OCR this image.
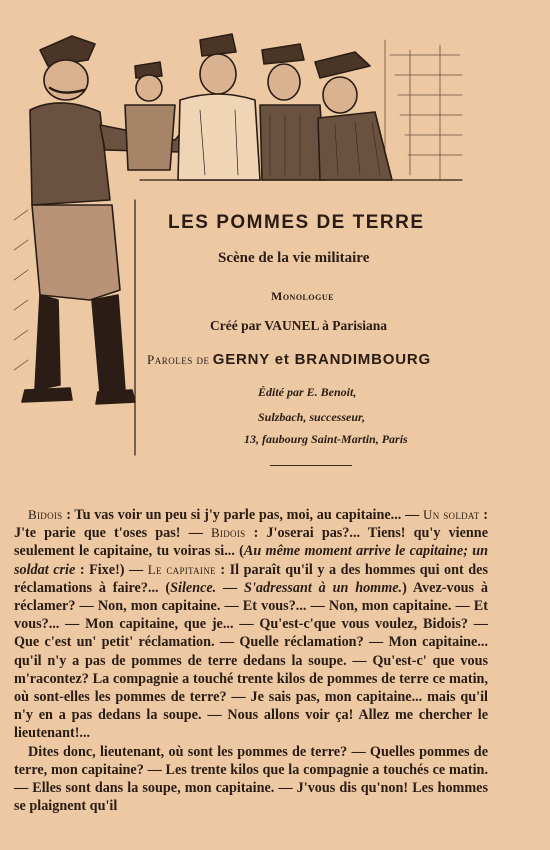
LES POMMES DE TERRE
Scène de la vie militaire
Monologue
Créé par VAUNEL à Parisiana
Paroles de GERNY et BRANDIMBOURG
Édité par E. Benoit,
Sulzbach, successeur,
13, faubourg Saint-Martin, Paris

Bidois : Tu vas voir un peu si j'y parle pas, moi, au capitaine... — Un soldat : J'te parie que t'oses pas! — Bidois : J'oserai pas?... Tiens! qu'y vienne seulement le capitaine, tu voiras si... (Au même moment arrive le capitaine; un soldat crie : Fixe!) — Le capitaine : Il paraît qu'il y a des hommes qui ont des réclamations à faire?... (Silence. — S'adressant à un homme.) Avez-vous à réclamer? — Non, mon capitaine. — Et vous?... — Non, mon capitaine. — Et vous?... — Mon capitaine, que je... — Qu'est-c'que vous voulez, Bidois? — Que c'est un' petit' réclamation. — Quelle réclamation? — Mon capitaine... qu'il n'y a pas de pommes de terre dedans la soupe. — Qu'est-c' que vous m'racontez? La compagnie a touché trente kilos de pommes de terre ce matin, où sont-elles les pommes de terre? — Je sais pas, mon capitaine... mais qu'il n'y en a pas dedans la soupe. — Nous allons voir ça! Allez me chercher le lieutenant!...

Dites donc, lieutenant, où sont les pommes de terre? — Quelles pommes de terre, mon capitaine? — Les trente kilos que la compagnie a touchés ce matin. — Elles sont dans la soupe, mon capitaine. — J'vous dis qu'non! Les hommes se plaignent qu'il
